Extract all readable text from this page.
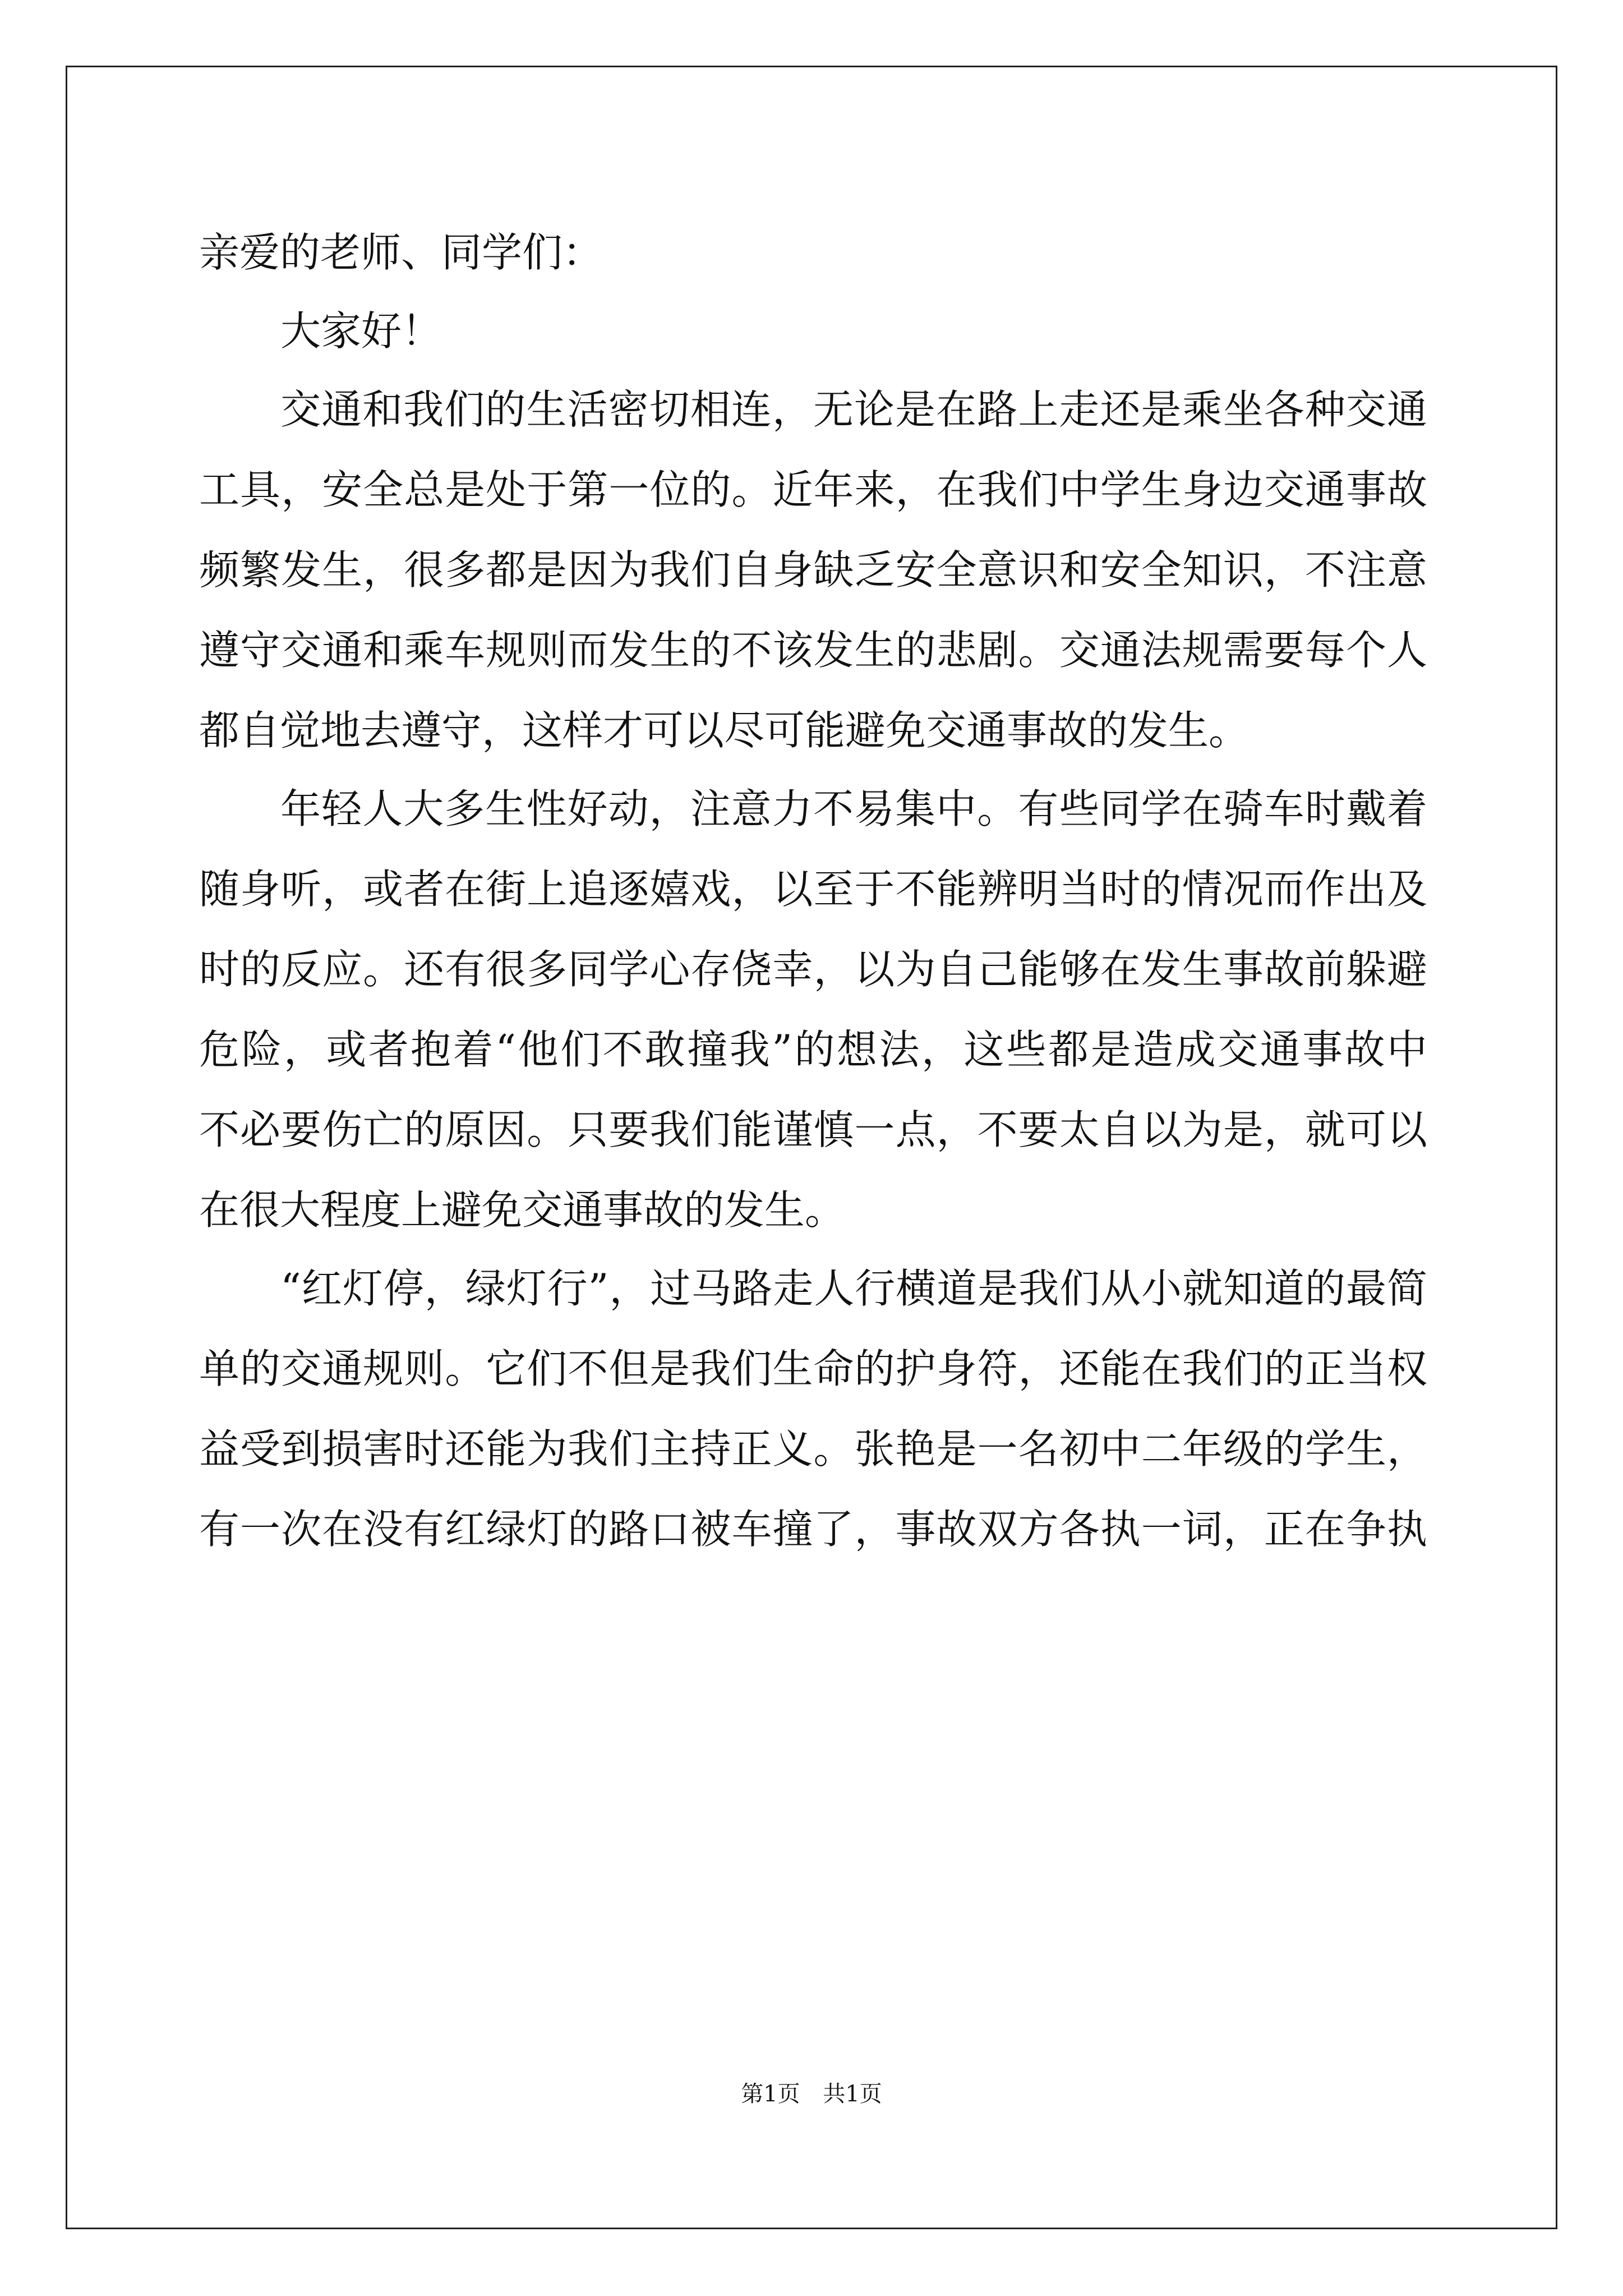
亲爱的老师、同学们：
大家好！
交通和我们的生活密切相连，无论是在路上走还是乘坐各种交通
工具，安全总是处于第一位的。近年来，在我们中学生身边交通事故
频繁发生，很多都是因为我们自身缺乏安全意识和安全知识，不注意
遵守交通和乘车规则而发生的不该发生的悲剧。交通法规需要每个人
都自觉地去遵守，这样才可以尽可能避免交通事故的发生。
年轻人大多生性好动，注意力不易集中。有些同学在骑车时戴着
随身听，或者在街上追逐嬉戏，以至于不能辨明当时的情况而作出及
时的反应。还有很多同学心存侥幸，以为自己能够在发生事故前躲避
危险，或者抱着“他们不敢撞我”的想法，这些都是造成交通事故中
不必要伤亡的原因。只要我们能谨慎一点，不要太自以为是，就可以
在很大程度上避免交通事故的发生。
“红灯停，绿灯行”，过马路走人行横道是我们从小就知道的最简
单的交通规则。它们不但是我们生命的护身符，还能在我们的正当权
益受到损害时还能为我们主持正义。张艳是一名初中二年级的学生，
有一次在没有红绿灯的路口被车撞了，事故双方各执一词，正在争执
第1页 共1页
